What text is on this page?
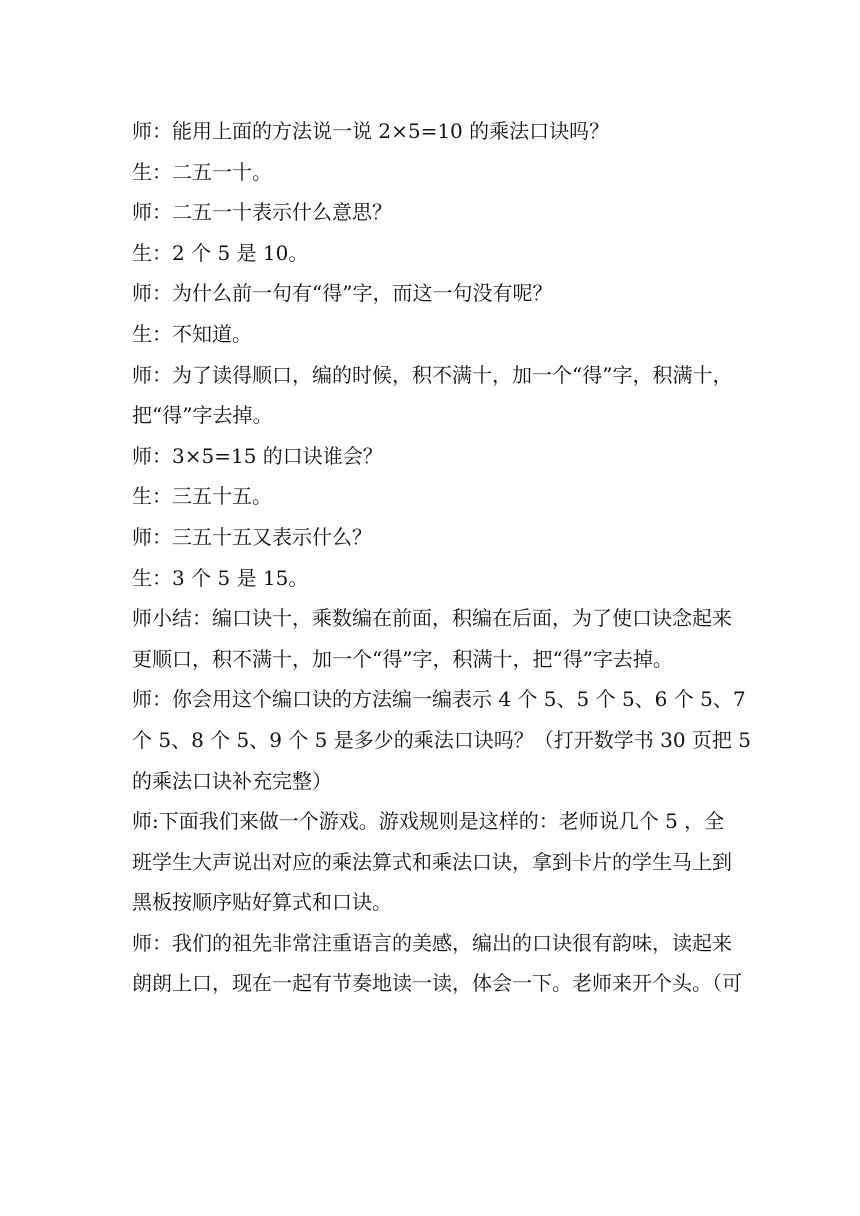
师：能用上面的方法说一说 2×5=10 的乘法口诀吗？

生：二五一十。

师：二五一十表示什么意思？

生：2 个 5 是 10。

师：为什么前一句有“得”字，而这一句没有呢？

生：不知道。

师：为了读得顺口，编的时候，积不满十，加一个“得”字，积满十，

把“得”字去掉。

师：3×5=15 的口诀谁会？

生：三五十五。

师：三五十五又表示什么？

生：3 个 5 是 15。

师小结：编口诀十，乘数编在前面，积编在后面，为了使口诀念起来

更顺口，积不满十，加一个“得”字，积满十，把“得”字去掉。

师：你会用这个编口诀的方法编一编表示 4 个 5、5 个 5、6 个 5、7

个 5、8 个 5、9 个 5 是多少的乘法口诀吗？（打开数学书 30 页把 5

的乘法口诀补充完整）

师:下面我们来做一个游戏。游戏规则是这样的：老师说几个 5 ，全

班学生大声说出对应的乘法算式和乘法口诀，拿到卡片的学生马上到

黑板按顺序贴好算式和口诀。

师：我们的祖先非常注重语言的美感，编出的口诀很有韵味，读起来

朗朗上口，现在一起有节奏地读一读，体会一下。老师来开个头。（可
